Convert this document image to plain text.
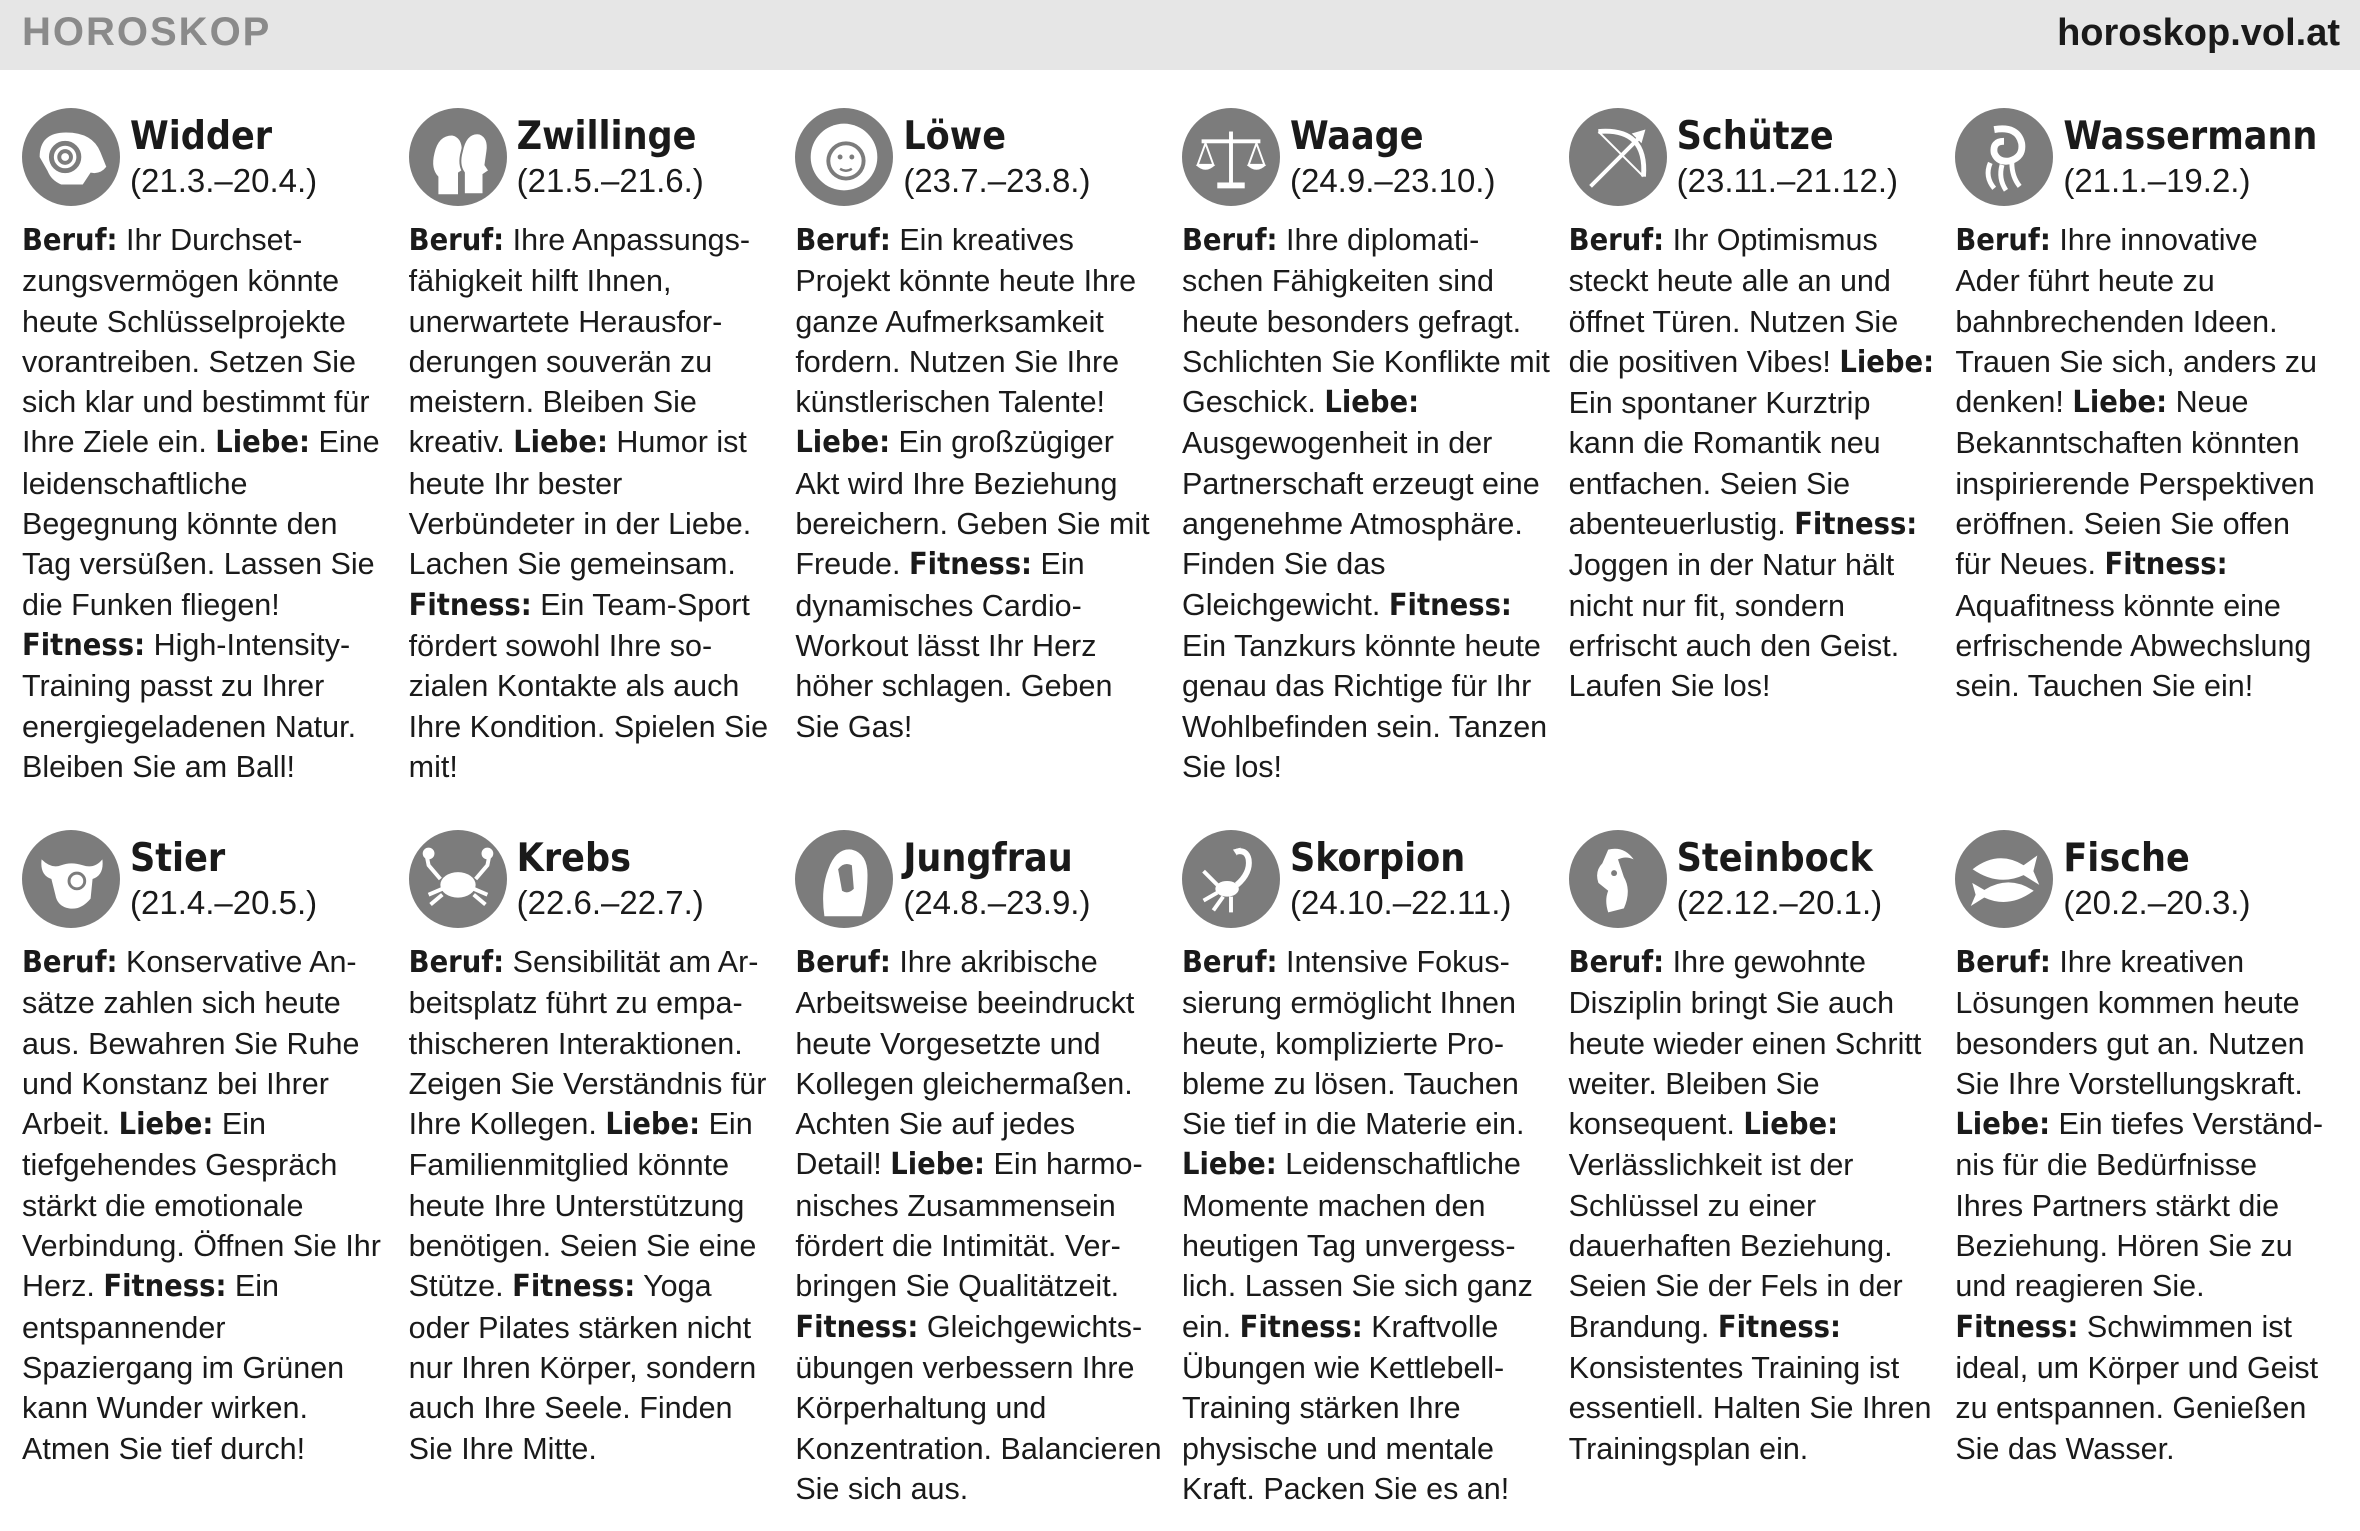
HOROSKOP	horoskop.vol.at
Widder
(21.3.–20.4.)
Beruf: Ihr Durchsetzungsvermögen könnte heute Schlüsselprojekte vorantreiben. Setzen Sie sich klar und bestimmt für Ihre Ziele ein. Liebe: Eine leidenschaftliche Begegnung könnte den Tag versüßen. Lassen Sie die Funken fliegen! Fitness: High-Intensity-Training passt zu Ihrer energiegeladenen Natur. Bleiben Sie am Ball!
Zwillinge
(21.5.–21.6.)
Beruf: Ihre Anpassungsfähigkeit hilft Ihnen, unerwartete Herausforderungen souverän zu meistern. Bleiben Sie kreativ. Liebe: Humor ist heute Ihr bester Verbündeter in der Liebe. Lachen Sie gemeinsam. Fitness: Ein Team-Sport fördert sowohl Ihre sozialen Kontakte als auch Ihre Kondition. Spielen Sie mit!
Löwe
(23.7.–23.8.)
Beruf: Ein kreatives Projekt könnte heute Ihre ganze Aufmerksamkeit fordern. Nutzen Sie Ihre künstlerischen Talente! Liebe: Ein großzügiger Akt wird Ihre Beziehung bereichern. Geben Sie mit Freude. Fitness: Ein dynamisches Cardio-Workout lässt Ihr Herz höher schlagen. Geben Sie Gas!
Waage
(24.9.–23.10.)
Beruf: Ihre diplomatischen Fähigkeiten sind heute besonders gefragt. Schlichten Sie Konflikte mit Geschick. Liebe: Ausgewogenheit in der Partnerschaft erzeugt eine angenehme Atmosphäre. Finden Sie das Gleichgewicht. Fitness: Ein Tanzkurs könnte heute genau das Richtige für Ihr Wohlbefinden sein. Tanzen Sie los!
Schütze
(23.11.–21.12.)
Beruf: Ihr Optimismus steckt heute alle an und öffnet Türen. Nutzen Sie die positiven Vibes! Liebe: Ein spontaner Kurztrip kann die Romantik neu entfachen. Seien Sie abenteuerlustig. Fitness: Joggen in der Natur hält nicht nur fit, sondern erfrischt auch den Geist. Laufen Sie los!
Wassermann
(21.1.–19.2.)
Beruf: Ihre innovative Ader führt heute zu bahnbrechenden Ideen. Trauen Sie sich, anders zu denken! Liebe: Neue Bekanntschaften könnten inspirierende Perspektiven eröffnen. Seien Sie offen für Neues. Fitness: Aquafitness könnte eine erfrischende Abwechslung sein. Tauchen Sie ein!
Stier
(21.4.–20.5.)
Beruf: Konservative Ansätze zahlen sich heute aus. Bewahren Sie Ruhe und Konstanz bei Ihrer Arbeit. Liebe: Ein tiefgehendes Gespräch stärkt die emotionale Verbindung. Öffnen Sie Ihr Herz. Fitness: Ein entspannender Spaziergang im Grünen kann Wunder wirken. Atmen Sie tief durch!
Krebs
(22.6.–22.7.)
Beruf: Sensibilität am Arbeitsplatz führt zu empathischeren Interaktionen. Zeigen Sie Verständnis für Ihre Kollegen. Liebe: Ein Familienmitglied könnte heute Ihre Unterstützung benötigen. Seien Sie eine Stütze. Fitness: Yoga oder Pilates stärken nicht nur Ihren Körper, sondern auch Ihre Seele. Finden Sie Ihre Mitte.
Jungfrau
(24.8.–23.9.)
Beruf: Ihre akribische Arbeitsweise beeindruckt heute Vorgesetzte und Kollegen gleichermaßen. Achten Sie auf jedes Detail! Liebe: Ein harmonisches Zusammensein fördert die Intimität. Verbringen Sie Qualitätzeit. Fitness: Gleichgewichtsübungen verbessern Ihre Körperhaltung und Konzentration. Balancieren Sie sich aus.
Skorpion
(24.10.–22.11.)
Beruf: Intensive Fokussierung ermöglicht Ihnen heute, komplizierte Probleme zu lösen. Tauchen Sie tief in die Materie ein. Liebe: Leidenschaftliche Momente machen den heutigen Tag unvergesslich. Lassen Sie sich ganz ein. Fitness: Kraftvolle Übungen wie Kettlebell-Training stärken Ihre physische und mentale Kraft. Packen Sie es an!
Steinbock
(22.12.–20.1.)
Beruf: Ihre gewohnte Disziplin bringt Sie auch heute wieder einen Schritt weiter. Bleiben Sie konsequent. Liebe: Verlässlichkeit ist der Schlüssel zu einer dauerhaften Beziehung. Seien Sie der Fels in der Brandung. Fitness: Konsistentes Training ist essentiell. Halten Sie Ihren Trainingsplan ein.
Fische
(20.2.–20.3.)
Beruf: Ihre kreativen Lösungen kommen heute besonders gut an. Nutzen Sie Ihre Vorstellungskraft. Liebe: Ein tiefes Verständnis für die Bedürfnisse Ihres Partners stärkt die Beziehung. Hören Sie zu und reagieren Sie. Fitness: Schwimmen ist ideal, um Körper und Geist zu entspannen. Genießen Sie das Wasser.
